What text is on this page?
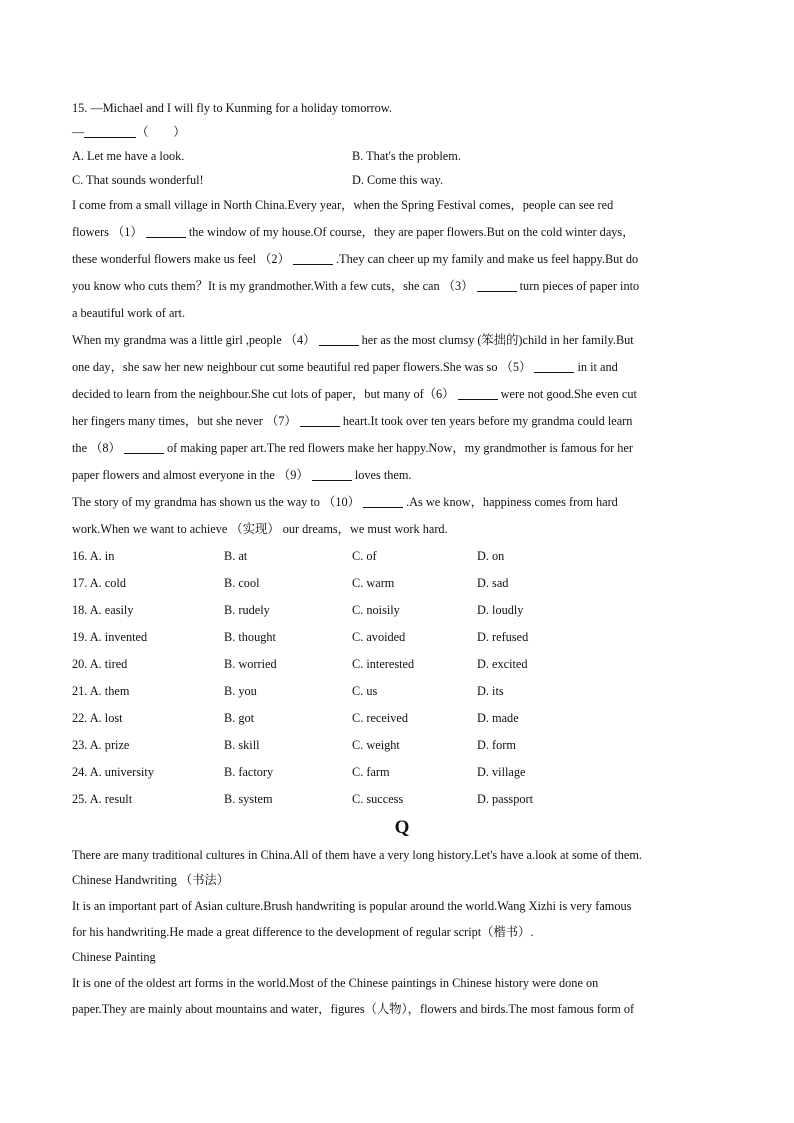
15. —Michael and I will fly to Kunming for a holiday tomorrow.
—	（　　）
A. Let me have a look.	B. That's the problem.
C. That sounds wonderful!	D. Come this way.
I come from a small village in North China.Every year，when the Spring Festival comes，people can see red
flowers （1）	the window of my house.Of course，they are paper flowers.But on the cold winter days，
these wonderful flowers make us feel （2）	.They can cheer up my family and make us feel happy.But do
you know who cuts them？It is my grandmother.With a few cuts，she can （3）	turn pieces of paper into
a beautiful work of art.
When my grandma was a little girl ,people （4）	her as the most clumsy (笨拙的)child in her family.But
one day，she saw her new neighbour cut some beautiful red paper flowers.She was so （5）	in it and
decided to learn from the neighbour.She cut lots of paper，but many of（6）	were not good.She even cut
her fingers many times，but she never （7）	heart.It took over ten years before my grandma could learn
the （8）	of making paper art.The red flowers make her happy.Now，my grandmother is famous for her
paper flowers and almost everyone in the （9）	loves them.
The story of my grandma has shown us the way to （10）	.As we know，happiness comes from hard
work.When we want to achieve （实现） our dreams，we must work hard.
16. A. in	B. at	C. of	D. on
17. A. cold	B. cool	C. warm	D. sad
18. A. easily	B. rudely	C. noisily	D. loudly
19. A. invented	B. thought	C. avoided	D. refused
20. A. tired	B. worried	C. interested	D. excited
21. A. them	B. you	C. us	D. its
22. A. lost	B. got	C. received	D. made
23. A. prize	B. skill	C. weight	D. form
24. A. university	B. factory	C. farm	D. village
25. A. result	B. system	C. success	D. passport
Q
There are many traditional cultures in China.All of them have a very long history.Let's have a.look at some of them.
Chinese Handwriting （书法）
It is an important part of Asian culture.Brush handwriting is popular around the world.Wang Xizhi is very famous
for his handwriting.He made a great difference to the development of regular script（楷书）.
Chinese Painting
It is one of the oldest art forms in the world.Most of the Chinese paintings in Chinese history were done on
paper.They are mainly about mountains and water，figures（人物），flowers and birds.The most famous form of
